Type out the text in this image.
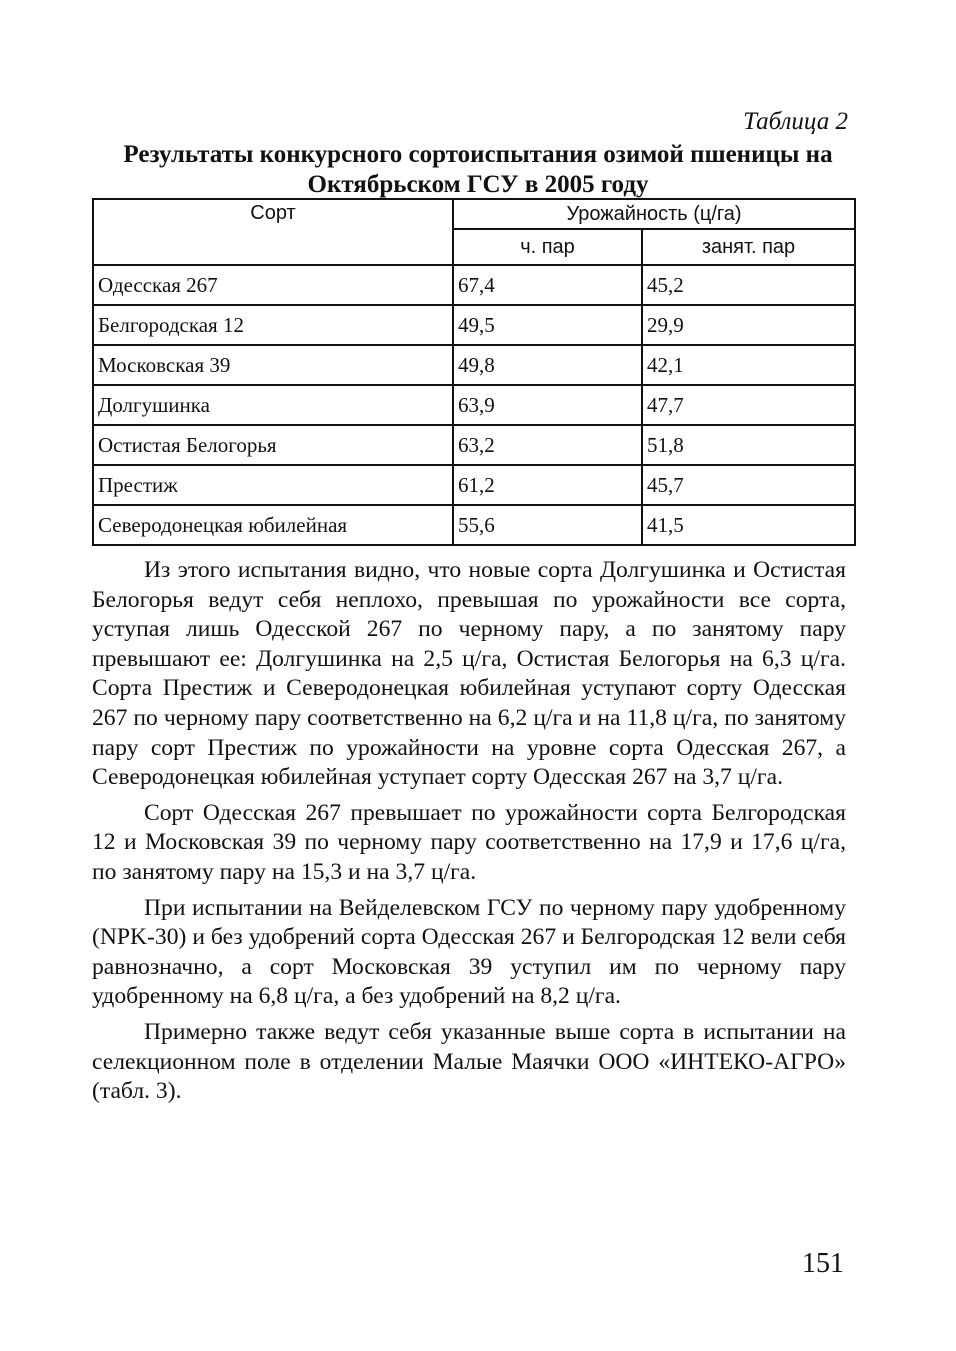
Таблица 2
Результаты конкурсного сортоиспытания озимой пшеницы на
Октябрьском ГСУ в 2005 году
Сорт	Урожайность (ц/га)	
	ч. пар	занят. пар
Одесская 267	67,4	45,2
Белгородская 12	49,5	29,9
Московская 39	49,8	42,1
Долгушинка	63,9	47,7
Остистая Белогорья	63,2	51,8
Престиж	61,2	45,7
Северодонецкая юбилейная	55,6	41,5

Из этого испытания видно, что новые сорта Долгушинка и Остистая Белогорья ведут себя неплохо, превышая по урожайности все сорта, уступая лишь Одесской 267 по черному пару, а по занятому пару превышают ее: Долгушинка на 2,5 ц/га, Остистая Белогорья на 6,3 ц/га. Сорта Престиж и Северодонецкая юбилейная уступают сорту Одесская 267 по черному пару соответственно на 6,2 ц/га и на 11,8 ц/га, по занятому пару сорт Престиж по урожайности на уровне сорта Одесская 267, а Северодонецкая юбилейная уступает сорту Одесская 267 на 3,7 ц/га.

Сорт Одесская 267 превышает по урожайности сорта Белгородская 12 и Московская 39 по черному пару соответственно на 17,9 и 17,6 ц/га, по занятому пару на 15,3 и на 3,7 ц/га.

При испытании на Вейделевском ГСУ по черному пару удобренному (NPK-30) и без удобрений сорта Одесская 267 и Белгородская 12 вели себя равнозначно, а сорт Московская 39 уступил им по черному пару удобренному на 6,8 ц/га, а без удобрений на 8,2 ц/га.

Примерно также ведут себя указанные выше сорта в испытании на селекционном поле в отделении Малые Маячки ООО «ИНТЕКО-АГРО» (табл. 3).

151
